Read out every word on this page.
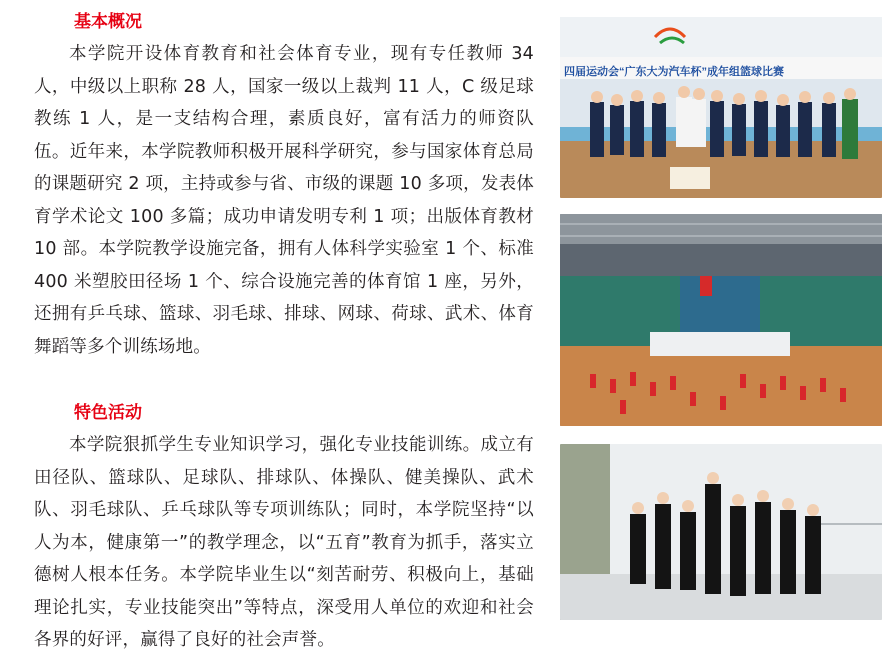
基本概况

本学院开设体育教育和社会体育专业，现有专任教师 34 人，中级以上职称 28 人，国家一级以上裁判 11 人，C 级足球教练 1 人，是一支结构合理，素质良好，富有活力的师资队伍。近年来，本学院教师积极开展科学研究，参与国家体育总局的课题研究 2 项，主持或参与省、市级的课题 10 多项，发表体育学术论文 100 多篇；成功申请发明专利 1 项；出版体育教材 10 部。本学院教学设施完备，拥有人体科学实验室 1 个、标准 400 米塑胶田径场 1 个、综合设施完善的体育馆 1 座，另外，还拥有乒乓球、篮球、羽毛球、排球、网球、荷球、武术、体育舞蹈等多个训练场地。

特色活动

本学院狠抓学生专业知识学习，强化专业技能训练。成立有田径队、篮球队、足球队、排球队、体操队、健美操队、武术队、羽毛球队、乒乓球队等专项训练队；同时，本学院坚持“以人为本，健康第一”的教学理念，以“五育”教育为抓手，落实立德树人根本任务。本学院毕业生以“刻苦耐劳、积极向上，基础理论扎实，专业技能突出”等特点，深受用人单位的欢迎和社会各界的好评，赢得了良好的社会声誉。

四届运动会“广东大为汽车杯”成年组篮球比赛
